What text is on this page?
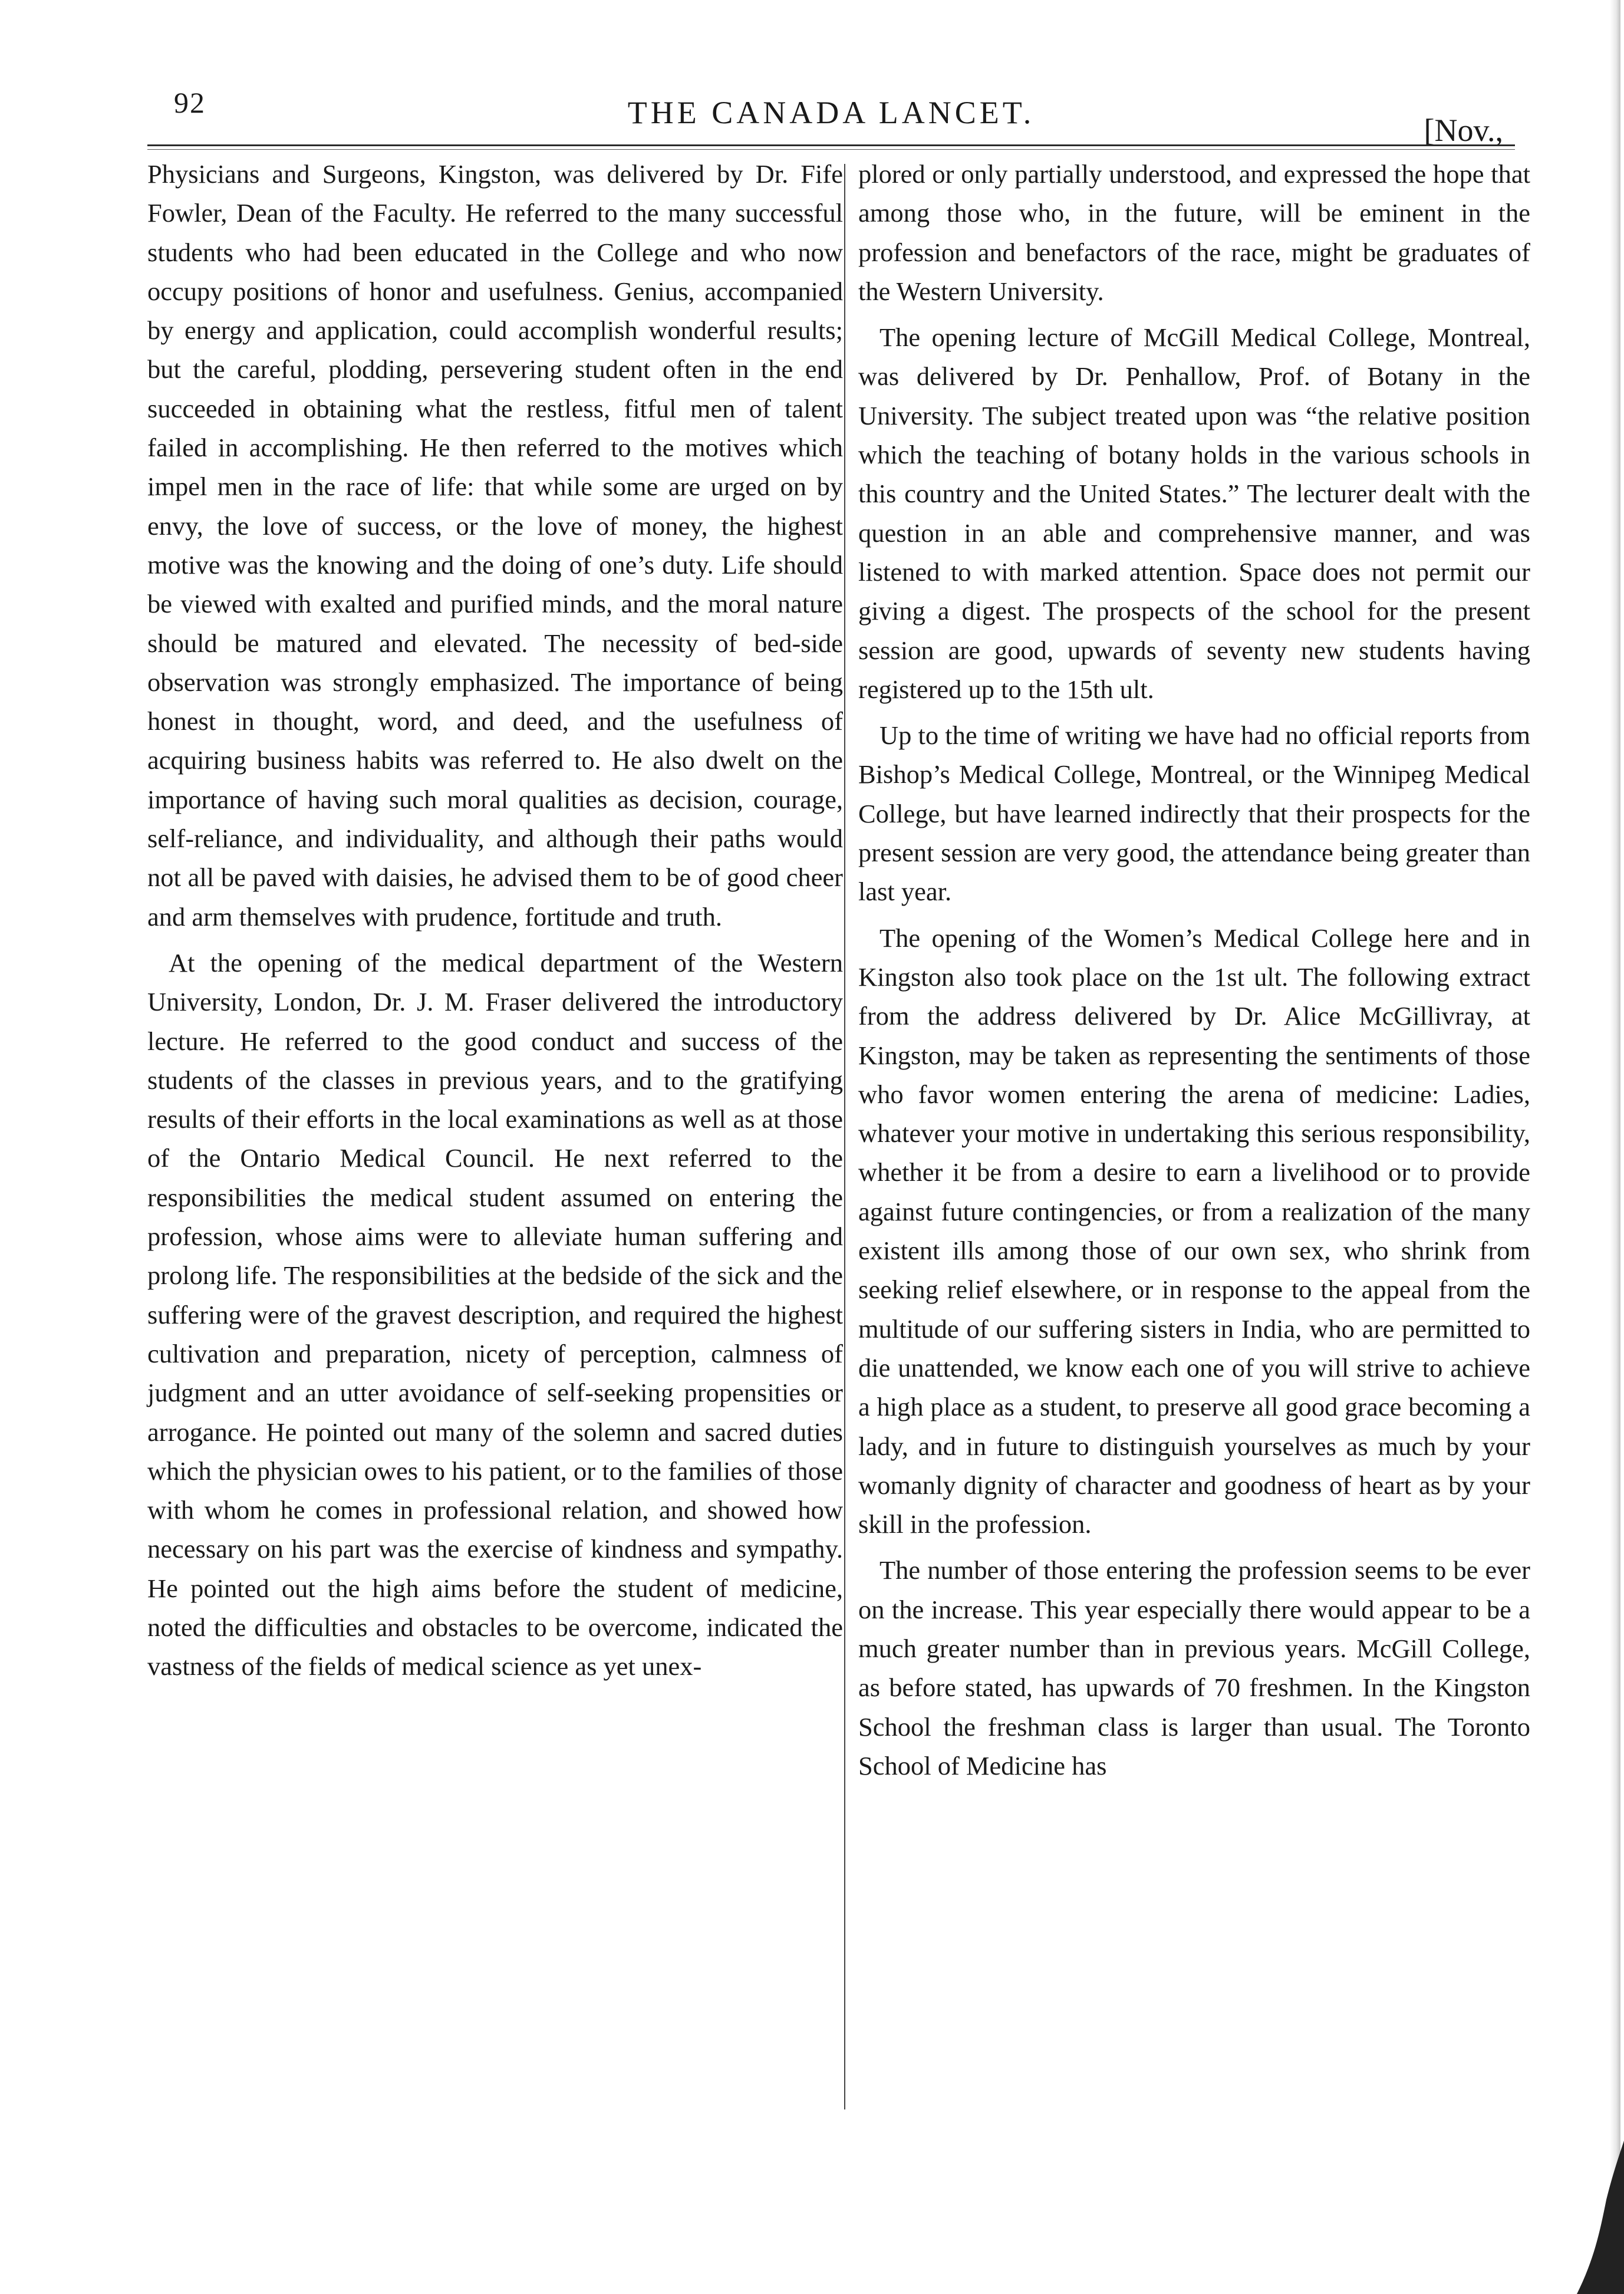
92	THE CANADA LANCET.	[Nov.,

Physicians and Surgeons, Kingston, was delivered by Dr. Fife Fowler, Dean of the Faculty. He referred to the many successful students who had been educated in the College and who now occupy positions of honor and usefulness. Genius, accompanied by energy and application, could accomplish wonderful results; but the careful, plodding, persevering student often in the end succeeded in obtaining what the restless, fitful men of talent failed in accomplishing. He then referred to the motives which impel men in the race of life: that while some are urged on by envy, the love of success, or the love of money, the highest motive was the knowing and the doing of one’s duty. Life should be viewed with exalted and purified minds, and the moral nature should be matured and elevated. The necessity of bed-side observation was strongly emphasized. The importance of being honest in thought, word, and deed, and the usefulness of acquiring business habits was referred to. He also dwelt on the importance of having such moral qualities as decision, courage, self-reliance, and individuality, and although their paths would not all be paved with daisies, he advised them to be of good cheer and arm themselves with prudence, fortitude and truth.

At the opening of the medical department of the Western University, London, Dr. J. M. Fraser delivered the introductory lecture. He referred to the good conduct and success of the students of the classes in previous years, and to the gratifying results of their efforts in the local examinations as well as at those of the Ontario Medical Council. He next referred to the responsibilities the medical student assumed on entering the profession, whose aims were to alleviate human suffering and prolong life. The responsibilities at the bedside of the sick and the suffering were of the gravest description, and required the highest cultivation and preparation, nicety of perception, calmness of judgment and an utter avoidance of self-seeking propensities or arrogance. He pointed out many of the solemn and sacred duties which the physician owes to his patient, or to the families of those with whom he comes in professional relation, and showed how necessary on his part was the exercise of kindness and sympathy. He pointed out the high aims before the student of medicine, noted the difficulties and obstacles to be overcome, indicated the vastness of the fields of medical science as yet unex-

plored or only partially understood, and expressed the hope that among those who, in the future, will be eminent in the profession and benefactors of the race, might be graduates of the Western University.

The opening lecture of McGill Medical College, Montreal, was delivered by Dr. Penhallow, Prof. of Botany in the University. The subject treated upon was “the relative position which the teaching of botany holds in the various schools in this country and the United States.” The lecturer dealt with the question in an able and comprehensive manner, and was listened to with marked attention. Space does not permit our giving a digest. The prospects of the school for the present session are good, upwards of seventy new students having registered up to the 15th ult.

Up to the time of writing we have had no official reports from Bishop’s Medical College, Montreal, or the Winnipeg Medical College, but have learned indirectly that their prospects for the present session are very good, the attendance being greater than last year.

The opening of the Women’s Medical College here and in Kingston also took place on the 1st ult. The following extract from the address delivered by Dr. Alice McGillivray, at Kingston, may be taken as representing the sentiments of those who favor women entering the arena of medicine: Ladies, whatever your motive in undertaking this serious responsibility, whether it be from a desire to earn a livelihood or to provide against future contingencies, or from a realization of the many existent ills among those of our own sex, who shrink from seeking relief elsewhere, or in response to the appeal from the multitude of our suffering sisters in India, who are permitted to die unattended, we know each one of you will strive to achieve a high place as a student, to preserve all good grace becoming a lady, and in future to distinguish yourselves as much by your womanly dignity of character and goodness of heart as by your skill in the profession.

The number of those entering the profession seems to be ever on the increase. This year especially there would appear to be a much greater number than in previous years. McGill College, as before stated, has upwards of 70 freshmen. In the Kingston School the freshman class is larger than usual. The Toronto School of Medicine has
